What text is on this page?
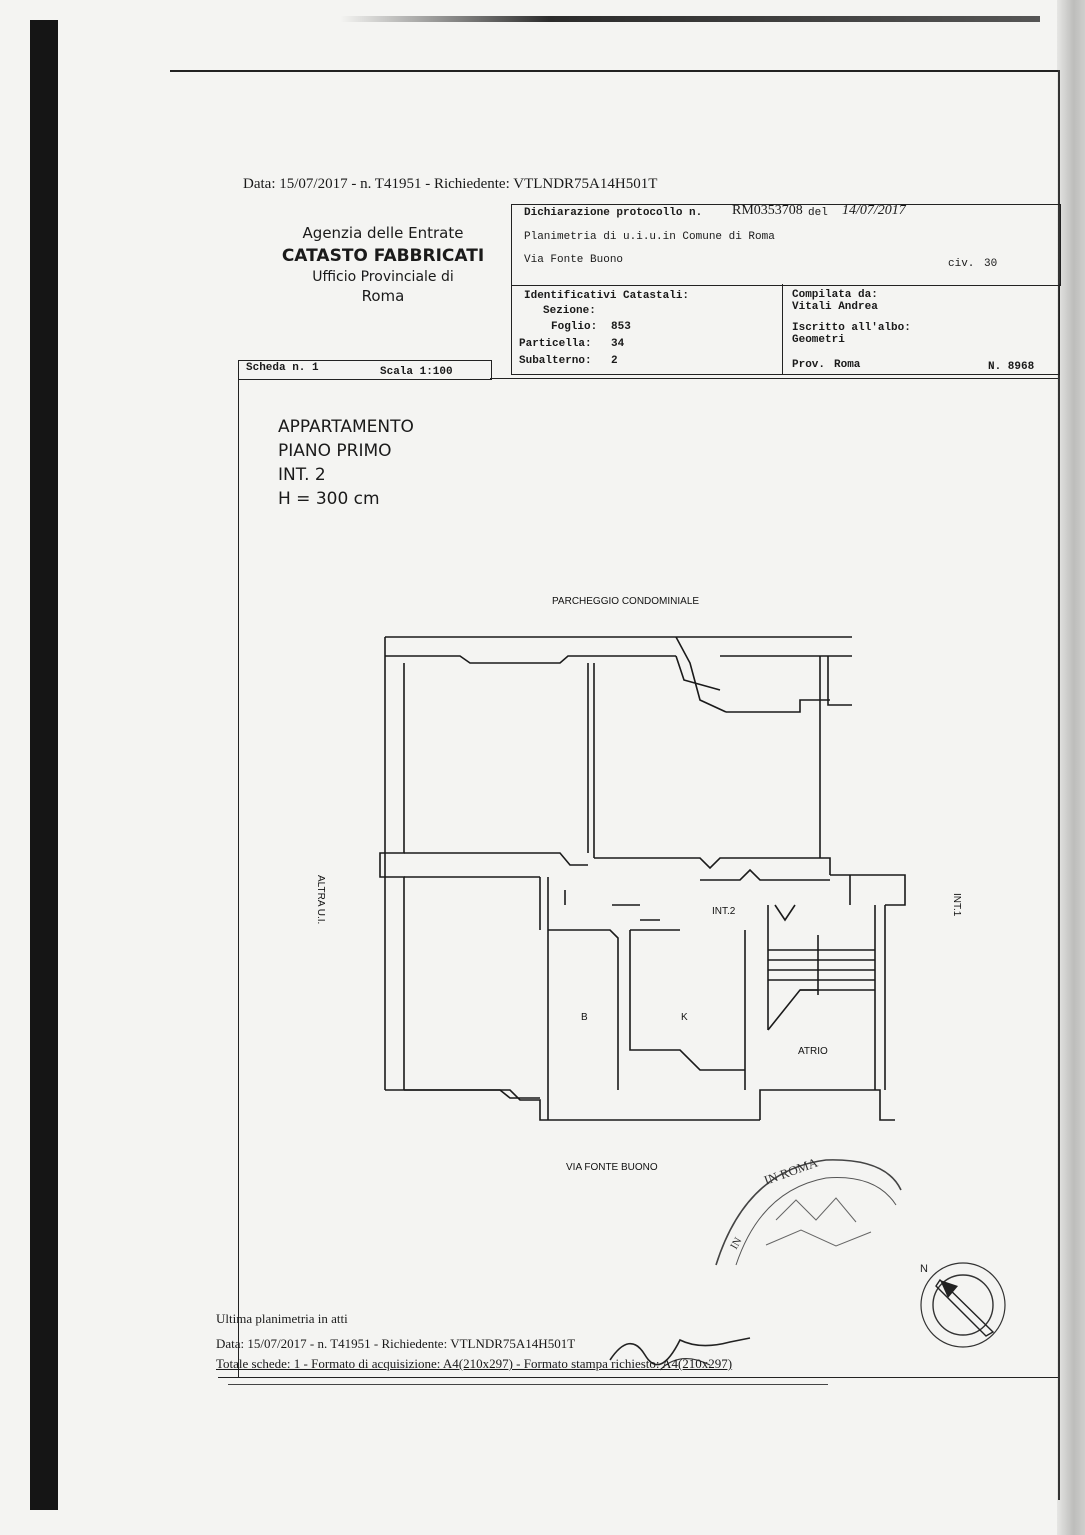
Data: 15/07/2017 - n. T41951 - Richiedente: VTLNDR75A14H501T
Agenzia delle Entrate
CATASTO FABBRICATI
Ufficio Provinciale di
Roma
Dichiarazione protocollo n. RM0353708 del 14/07/2017
Planimetria di u.i.u.in Comune di Roma
Via Fonte Buono	civ. 30
Identificativi Catastali:
Sezione:
Foglio: 853
Particella: 34
Subalterno: 2
Compilata da:
Vitali Andrea
Iscritto all'albo:
Geometri
Prov. Roma	N. 8968
Scheda n. 1	Scala 1:100
APPARTAMENTO
PIANO PRIMO
INT. 2
H = 300 cm
PARCHEGGIO CONDOMINIALE
VIA FONTE BUONO
ALTRA U.I.	INT.1
INT.2
B	K
ATRIO
IN
IN ROMA
N
Ultima planimetria in atti
Data: 15/07/2017 - n. T41951 - Richiedente: VTLNDR75A14H501T
Totale schede: 1 - Formato di acquisizione: A4(210x297) - Formato stampa richiesto: A4(210x297)
